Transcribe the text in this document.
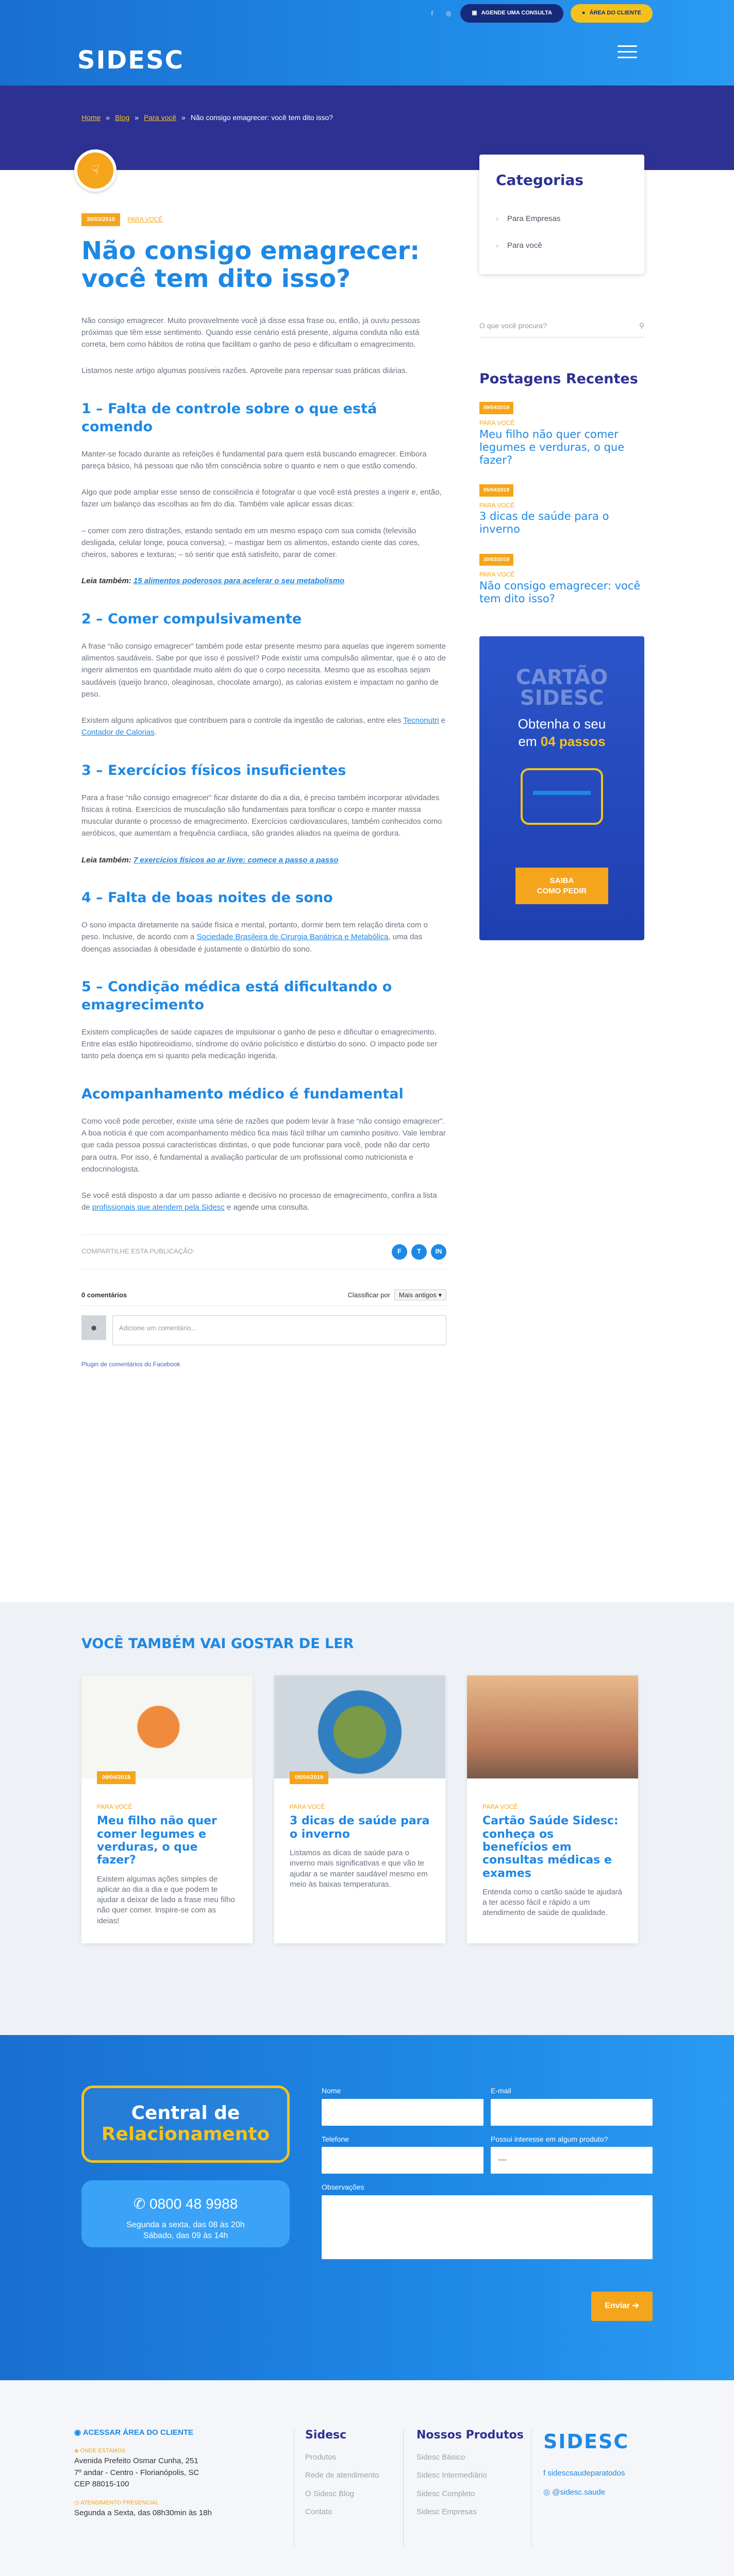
f	◎	▣ AGENDE UMA CONSULTA	● ÁREA DO CLIENTE
SIDESC
Home » Blog » Para você » Não consigo emagrecer: você tem dito isso?
☟
30/03/2019	PARA VOCÊ
Não consigo emagrecer: você tem dito isso?

Não consigo emagrecer. Muito provavelmente você já disse essa frase ou, então, já ouviu pessoas próximas que têm esse sentimento. Quando esse cenário está presente, alguma conduta não está correta, bem como hábitos de rotina que facilitam o ganho de peso e dificultam o emagrecimento.

Listamos neste artigo algumas possíveis razões. Aproveite para repensar suas práticas diárias.

1 – Falta de controle sobre o que está comendo

Manter-se focado durante as refeições é fundamental para quem está buscando emagrecer. Embora pareça básico, há pessoas que não têm consciência sobre o quanto e nem o que estão comendo.

Algo que pode ampliar esse senso de consciência é fotografar o que você está prestes a ingerir e, então, fazer um balanço das escolhas ao fim do dia. Também vale aplicar essas dicas:

– comer com zero distrações, estando sentado em um mesmo espaço com sua comida (televisão desligada, celular longe, pouca conversa); – mastigar bem os alimentos, estando ciente das cores, cheiros, sabores e texturas; – só sentir que está satisfeito, parar de comer.

Leia também: 15 alimentos poderosos para acelerar o seu metabolismo

2 – Comer compulsivamente

A frase “não consigo emagrecer” também pode estar presente mesmo para aquelas que ingerem somente alimentos saudáveis. Sabe por que isso é possível? Pode existir uma compulsão alimentar, que é o ato de ingerir alimentos em quantidade muito além do que o corpo necessita. Mesmo que as escolhas sejam saudáveis (queijo branco, oleaginosas, chocolate amargo), as calorias existem e impactam no ganho de peso.

Existem alguns aplicativos que contribuem para o controle da ingestão de calorias, entre eles Tecnonutri e Contador de Calorias.

3 – Exercícios físicos insuficientes

Para a frase “não consigo emagrecer” ficar distante do dia a dia, é preciso também incorporar atividades físicas à rotina. Exercícios de musculação são fundamentais para tonificar o corpo e manter massa muscular durante o processo de emagrecimento. Exercícios cardiovasculares, também conhecidos como aeróbicos, que aumentam a frequência cardíaca, são grandes aliados na queima de gordura.

Leia também: 7 exercícios físicos ao ar livre: comece a passo a passo

4 – Falta de boas noites de sono

O sono impacta diretamente na saúde física e mental, portanto, dormir bem tem relação direta com o peso. Inclusive, de acordo com a Sociedade Brasileira de Cirurgia Bariátrica e Metabólica, uma das doenças associadas à obesidade é justamente o distúrbio do sono.

5 – Condição médica está dificultando o emagrecimento

Existem complicações de saúde capazes de impulsionar o ganho de peso e dificultar o emagrecimento. Entre elas estão hipotireoidismo, síndrome do ovário policístico e distúrbio do sono. O impacto pode ser tanto pela doença em si quanto pela medicação ingerida.

Acompanhamento médico é fundamental

Como você pode perceber, existe uma série de razões que podem levar à frase “não consigo emagrecer”. A boa notícia é que com acompanhamento médico fica mais fácil trilhar um caminho positivo. Vale lembrar que cada pessoa possui características distintas, o que pode funcionar para você, pode não dar certo para outra. Por isso, é fundamental a avaliação particular de um profissional como nutricionista e endocrinologista.

Se você está disposto a dar um passo adiante e decisivo no processo de emagrecimento, confira a lista de profissionais que atendem pela Sidesc e agende uma consulta.

COMPARTILHE ESTA PUBLICAÇÃO:	F	T	IN
0 comentários	Classificar por Mais antigos ▾
●	Adicione um comentário...
Plugin de comentários do Facebook
Categorias
› Para Empresas
› Para você
O que você procura?	⚲
Postagens Recentes
09/04/2019
PARA VOCÊ
Meu filho não quer comer legumes e verduras, o que fazer?
05/04/2019
PARA VOCÊ
3 dicas de saúde para o inverno
30/03/2019
PARA VOCÊ
Não consigo emagrecer: você tem dito isso?
CARTÃO
SIDESC
Obtenha o seu
em 04 passos
SAIBA
COMO PEDIR
VOCÊ TAMBÉM VAI GOSTAR DE LER
09/04/2019
PARA VOCÊ
Meu filho não quer comer legumes e verduras, o que fazer?
Existem algumas ações simples de aplicar ao dia a dia e que podem te ajudar a deixar de lado a frase meu filho não quer comer. Inspire-se com as ideias!
05/04/2019
PARA VOCÊ
3 dicas de saúde para o inverno
Listamos as dicas de saúde para o inverno mais significativas e que vão te ajudar a se manter saudável mesmo em meio às baixas temperaturas.
PARA VOCÊ
Cartão Saúde Sidesc: conheça os benefícios em consultas médicas e exames
Entenda como o cartão saúde te ajudará a ter acesso fácil e rápido a um atendimento de saúde de qualidade.
Central de
Relacionamento
✆ 0800 48 9988
Segunda a sexta, das 08 às 20h
Sábado, das 09 às 14h
Nome	E-mail
Telefone	Possui interesse em algum produto?
----
Observações
Enviar ➔
◉ ACESSAR ÁREA DO CLIENTE
◈ ONDE ESTAMOS
Avenida Prefeito Osmar Cunha, 251
7º andar - Centro - Florianópolis, SC
CEP 88015-100
◷ ATENDIMENTO PRESENCIAL
Segunda a Sexta, das 08h30min às 18h
Sidesc
Produtos
Rede de atendimento
O Sidesc Blog
Contato
Nossos Produtos
Sidesc Básico
Sidesc Intermediário
Sidesc Completo
Sidesc Empresas
SIDESC
f sidescsaudeparatodos
◎ @sidesc.saude
